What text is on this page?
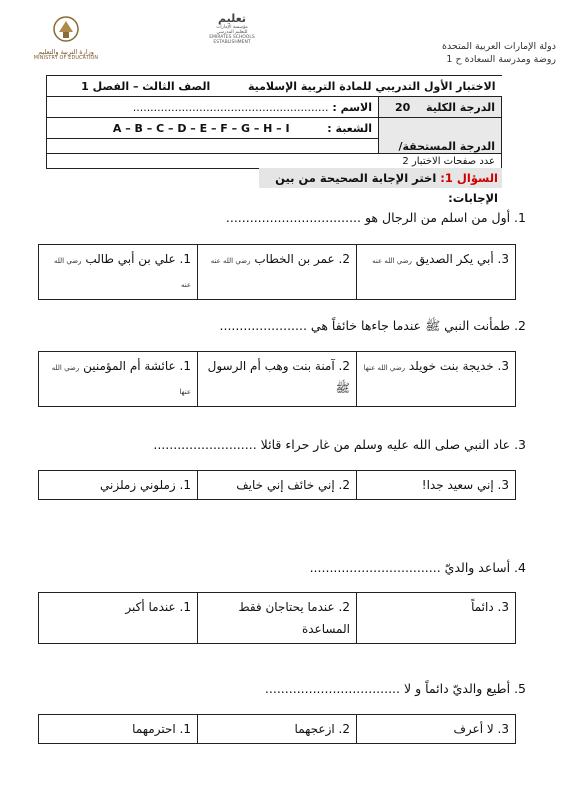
دولة الإمارات العربية المتحدة
روضة ومدرسة السعادة ح 1
تعليم
مؤسسة الإمارات
للتعليم المدرسي
EMIRATES SCHOOLS
ESTABLISHMENT
وزارة التربية والتعليم
MINISTRY OF EDUCATION
الاختبار الأول التدريبي للمادة التربية الإسلامية  الصف الثالث – الفصل 1	
الدرجة الكلية  20	الاسم : ........................................................
الدرجة المستحقة/	الشعبة :  A – B – C – D – E – F – G – H – I

عدد صفحات الاختبار 2	
السؤال 1: اختر الإجابة الصحيحة من بين الإجابات:
1. أول من اسلم من الرجال هو ..................................
3. أبي يكر الصديق رضي الله عنه	2. عمر بن الخطاب رضي الله عنه	1. علي بن أبي طالب رضي الله عنه
2. طمأنت النبي ﷺ عندما جاءها خائفاً هي ......................
3. خديجة بنت خويلد رضي الله عنها	2. آمنة بنت وهب أم الرسول ﷺ	1. عائشة أم المؤمنين رضي الله عنها
3. عاد النبي صلى الله عليه وسلم من غار حراء قائلا ..........................
3. إني سعيد جدا!	2. إني خائف إني خايف	1. زملوني زملزني
4. أساعد والديّ .................................
3. دائماً	2. عندما يحتاجان فقط المساعدة	1. عندما أكبر
5. أطيع والديّ دائماً و لا ..................................
3. لا أعرف	2. ازعجهما	1. احترمهما
